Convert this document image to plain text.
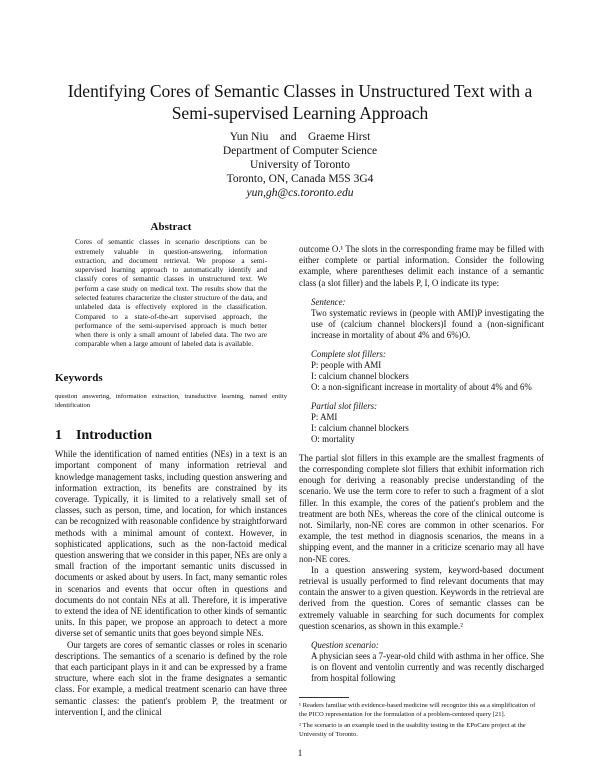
Identifying Cores of Semantic Classes in Unstructured Text with a
Semi-supervised Learning Approach
Yun Niu    and    Graeme Hirst
Department of Computer Science
University of Toronto
Toronto, ON, Canada M5S 3G4
yun,gh@cs.toronto.edu
Abstract

Cores of semantic classes in scenario descriptions can be extremely valuable in question-answering, information extraction, and document retrieval. We propose a semi-supervised learning approach to automatically identify and classify cores of semantic classes in unstructured text. We perform a case study on medical text. The results show that the selected features characterize the cluster structure of the data, and unlabeled data is effectively explored in the classification. Compared to a state-of-the-art supervised approach, the performance of the semi-supervised approach is much better when there is only a small amount of labeled data. The two are comparable when a large amount of labeled data is available.

Keywords

question answering, information extraction, transductive learning, named entity identification

1 Introduction

While the identification of named entities (NEs) in a text is an important component of many information retrieval and knowledge management tasks, including question answering and information extraction, its benefits are constrained by its coverage. Typically, it is limited to a relatively small set of classes, such as person, time, and location, for which instances can be recognized with reasonable confidence by straightforward methods with a minimal amount of context. However, in sophisticated applications, such as the non-factoid medical question answering that we consider in this paper, NEs are only a small fraction of the important semantic units discussed in documents or asked about by users. In fact, many semantic roles in scenarios and events that occur often in questions and documents do not contain NEs at all. Therefore, it is imperative to extend the idea of NE identification to other kinds of semantic units. In this paper, we propose an approach to detect a more diverse set of semantic units that goes beyond simple NEs.

Our targets are cores of semantic classes or roles in scenario descriptions. The semantics of a scenario is defined by the role that each participant plays in it and can be expressed by a frame structure, where each slot in the frame designates a semantic class. For example, a medical treatment scenario can have three semantic classes: the patient's problem P, the treatment or intervention I, and the clinical

outcome O.¹ The slots in the corresponding frame may be filled with either complete or partial information. Consider the following example, where parentheses delimit each instance of a semantic class (a slot filler) and the labels P, I, O indicate its type:

Sentence:
Two systematic reviews in (people with AMI)P investigating the use of (calcium channel blockers)I found a (non-significant increase in mortality of about 4% and 6%)O.
Complete slot fillers:
P: people with AMI
I: calcium channel blockers
O: a non-significant increase in mortality of about 4% and 6%
Partial slot fillers:
P: AMI
I: calcium channel blockers
O: mortality

The partial slot fillers in this example are the smallest fragments of the corresponding complete slot fillers that exhibit information rich enough for deriving a reasonably precise understanding of the scenario. We use the term core to refer to such a fragment of a slot filler. In this example, the cores of the patient's problem and the treatment are both NEs, whereas the core of the clinical outcome is not. Similarly, non-NE cores are common in other scenarios. For example, the test method in diagnosis scenarios, the means in a shipping event, and the manner in a criticize scenario may all have non-NE cores.

In a question answering system, keyword-based document retrieval is usually performed to find relevant documents that may contain the answer to a given question. Keywords in the retrieval are derived from the question. Cores of semantic classes can be extremely valuable in searching for such documents for complex question scenarios, as shown in this example.²

Question scenario:
A physician sees a 7-year-old child with asthma in her office. She is on flovent and ventolin currently and was recently discharged from hospital following

¹ Readers familiar with evidence-based medicine will recognize this as a simplification of the PICO representation for the formulation of a problem-centered query [21].

² The scenario is an example used in the usability testing in the EPoCare project at the University of Toronto.

1
